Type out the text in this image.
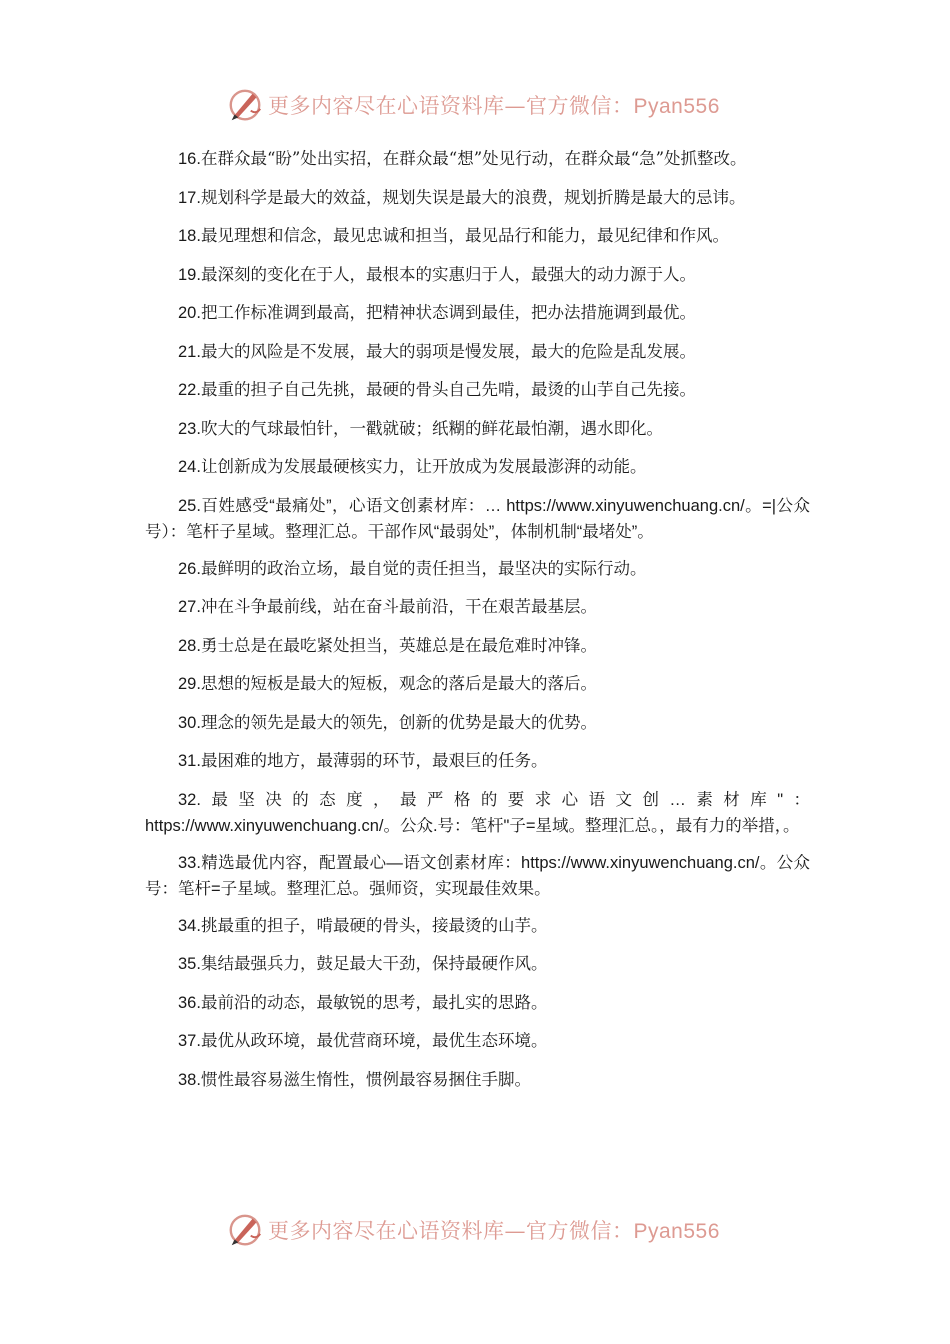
更多内容尽在心语资料库—官方微信：Pyan556

16.在群众最“盼”处出实招，在群众最“想”处见行动，在群众最“急”处抓整改。

17.规划科学是最大的效益，规划失误是最大的浪费，规划折腾是最大的忌讳。

18.最见理想和信念，最见忠诚和担当，最见品行和能力，最见纪律和作风。

19.最深刻的变化在于人，最根本的实惠归于人，最强大的动力源于人。

20.把工作标准调到最高，把精神状态调到最佳，把办法措施调到最优。

21.最大的风险是不发展，最大的弱项是慢发展，最大的危险是乱发展。

22.最重的担子自己先挑，最硬的骨头自己先啃，最烫的山芋自己先接。

23.吹大的气球最怕针，一戳就破；纸糊的鲜花最怕潮，遇水即化。

24.让创新成为发展最硬核实力，让开放成为发展最澎湃的动能。

25.百姓感受“最痛处”，心语文创素材库：… https://www.xinyuwenchuang.cn/。=|公众号）：笔杆子星域。整理汇总。干部作风“最弱处”，体制机制“最堵处”。

26.最鲜明的政治立场，最自觉的责任担当，最坚决的实际行动。

27.冲在斗争最前线，站在奋斗最前沿，干在艰苦最基层。

28.勇士总是在最吃紧处担当，英雄总是在最危难时冲锋。

29.思想的短板是最大的短板，观念的落后是最大的落后。

30.理念的领先是最大的领先，创新的优势是最大的优势。

31.最困难的地方，最薄弱的环节，最艰巨的任务。

32.最坚决的态度，最严格的要求心语文创…素材库"：https://www.xinyuwenchuang.cn/。公众.号：笔杆"子=星域。整理汇总。，最有力的举措，。

33.精选最优内容，配置最心—语文创素材库：https://www.xinyuwenchuang.cn/。公众号：笔杆=子星域。整理汇总。强师资，实现最佳效果。

34.挑最重的担子，啃最硬的骨头，接最烫的山芋。

35.集结最强兵力，鼓足最大干劲，保持最硬作风。

36.最前沿的动态，最敏锐的思考，最扎实的思路。

37.最优从政环境，最优营商环境，最优生态环境。

38.惯性最容易滋生惰性，惯例最容易捆住手脚。

更多内容尽在心语资料库—官方微信：Pyan556
